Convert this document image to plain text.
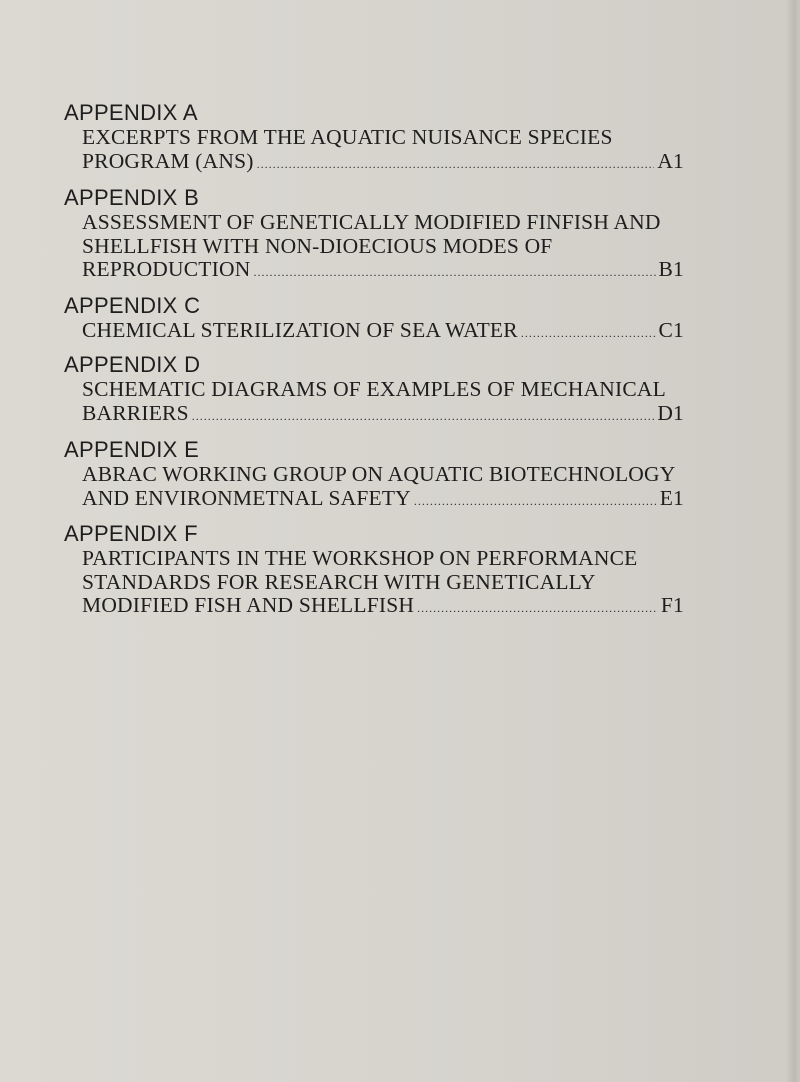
APPENDIX A
EXCERPTS FROM THE AQUATIC NUISANCE SPECIES
PROGRAM (ANS) .....	A1
APPENDIX B
ASSESSMENT OF GENETICALLY MODIFIED FINFISH AND
SHELLFISH WITH NON-DIOECIOUS MODES OF
REPRODUCTION .....	B1
APPENDIX C
CHEMICAL STERILIZATION OF SEA WATER .....	C1
APPENDIX D
SCHEMATIC DIAGRAMS OF EXAMPLES OF MECHANICAL
BARRIERS .....	D1
APPENDIX E
ABRAC WORKING GROUP ON AQUATIC BIOTECHNOLOGY
AND ENVIRONMETNAL SAFETY .....	E1
APPENDIX F
PARTICIPANTS IN THE WORKSHOP ON PERFORMANCE
STANDARDS FOR RESEARCH WITH GENETICALLY
MODIFIED FISH AND SHELLFISH .....	F1
